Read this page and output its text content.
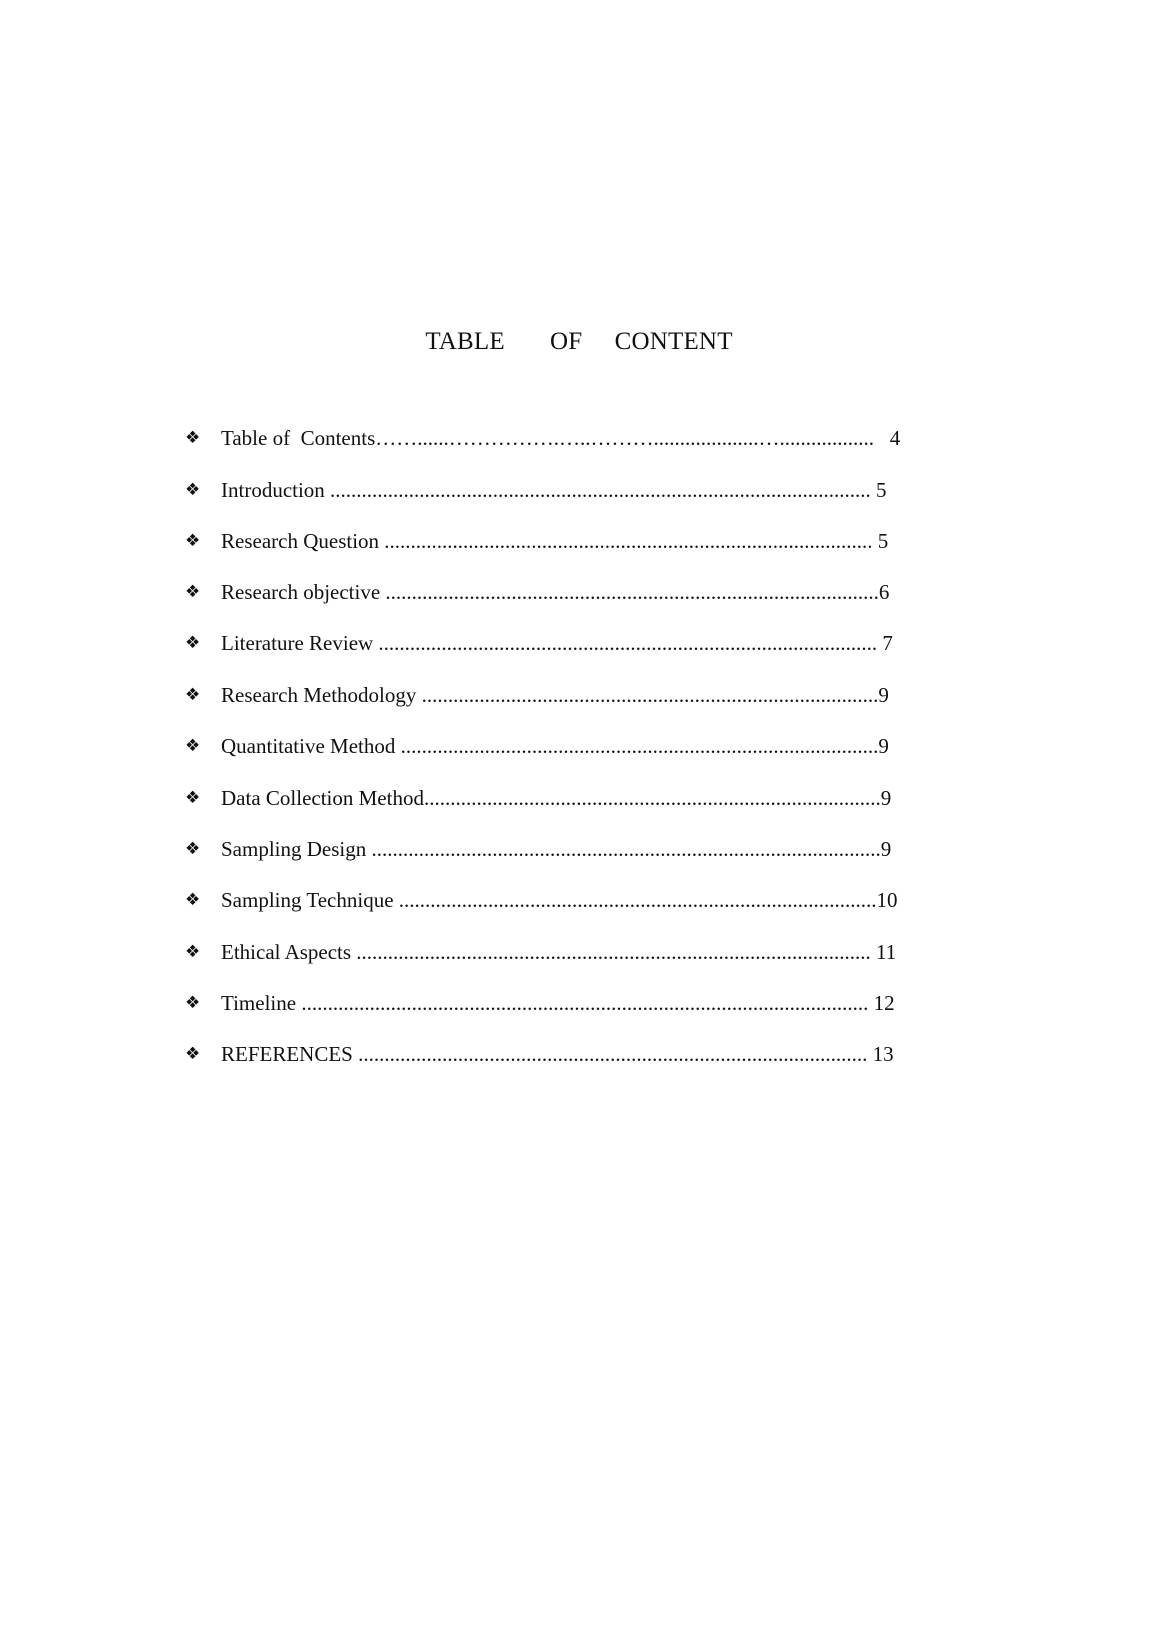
TABLE       OF     CONTENT
❖ Table of  Contents……......…………….…..………....................…..................   4
❖ Introduction ....................................................................................................... 5
❖ Research Question ............................................................................................. 5
❖ Research objective ..............................................................................................6
❖ Literature Review ............................................................................................... 7
❖ Research Methodology .......................................................................................9
❖ Quantitative Method ...........................................................................................9
❖ Data Collection Method.......................................................................................9
❖ Sampling Design .................................................................................................9
❖ Sampling Technique ...........................................................................................10
❖ Ethical Aspects .................................................................................................. 11
❖ Timeline ............................................................................................................ 12
❖ REFERENCES ................................................................................................. 13
